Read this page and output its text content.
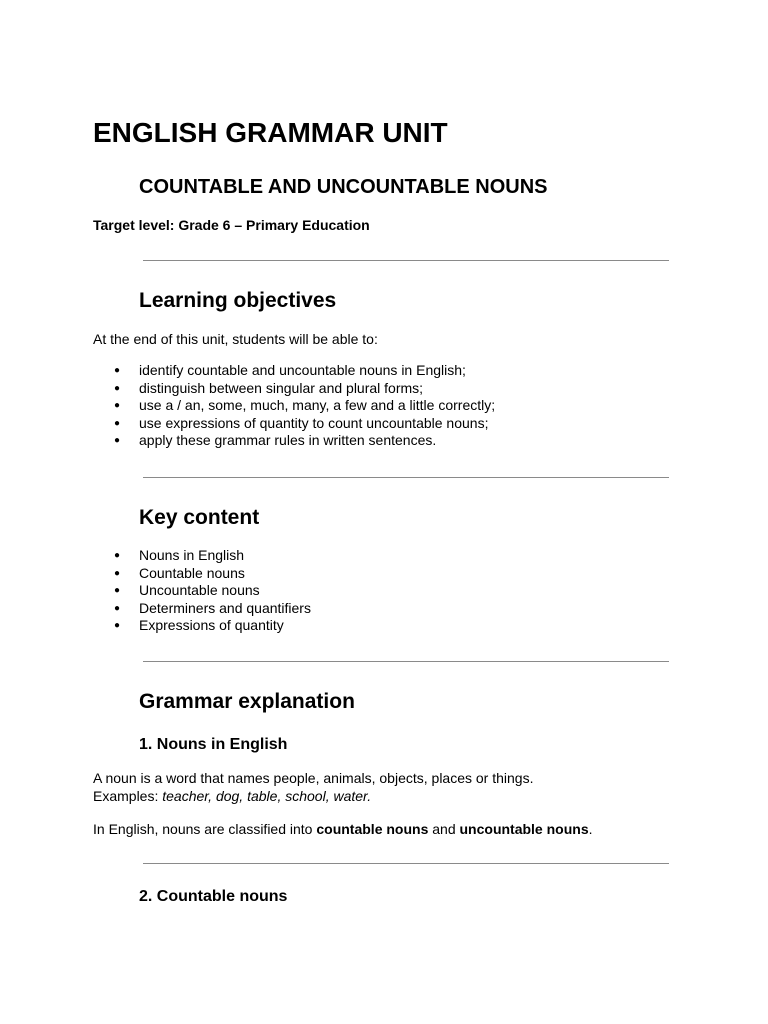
ENGLISH GRAMMAR UNIT
COUNTABLE AND UNCOUNTABLE NOUNS

Target level: Grade 6 – Primary Education

Learning objectives

At the end of this unit, students will be able to:

● identify countable and uncountable nouns in English;
● distinguish between singular and plural forms;
● use a / an, some, much, many, a few and a little correctly;
● use expressions of quantity to count uncountable nouns;
● apply these grammar rules in written sentences.
Key content
● Nouns in English
● Countable nouns
● Uncountable nouns
● Determiners and quantifiers
● Expressions of quantity
Grammar explanation
1. Nouns in English

A noun is a word that names people, animals, objects, places or things.

Examples: teacher, dog, table, school, water.

In English, nouns are classified into countable nouns and uncountable nouns.

2. Countable nouns
